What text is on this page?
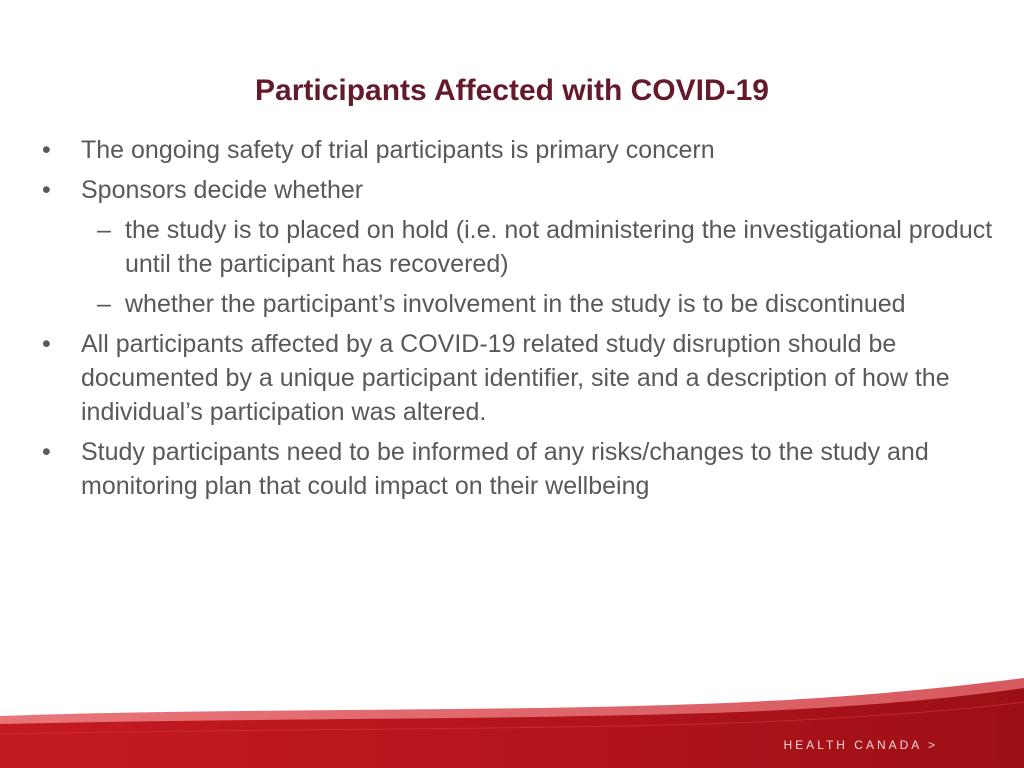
Participants Affected with COVID-19
• The ongoing safety of trial participants is primary concern
• Sponsors decide whether
– the study is to placed on hold (i.e. not administering the investigational product until the participant has recovered)
– whether the participant’s involvement in the study is to be discontinued
• All participants affected by a COVID-19 related study disruption should be documented by a unique participant identifier, site and a description of how the individual’s participation was altered.
• Study participants need to be informed of any risks/changes to the study and monitoring plan that could impact on their wellbeing
HEALTH CANADA >
